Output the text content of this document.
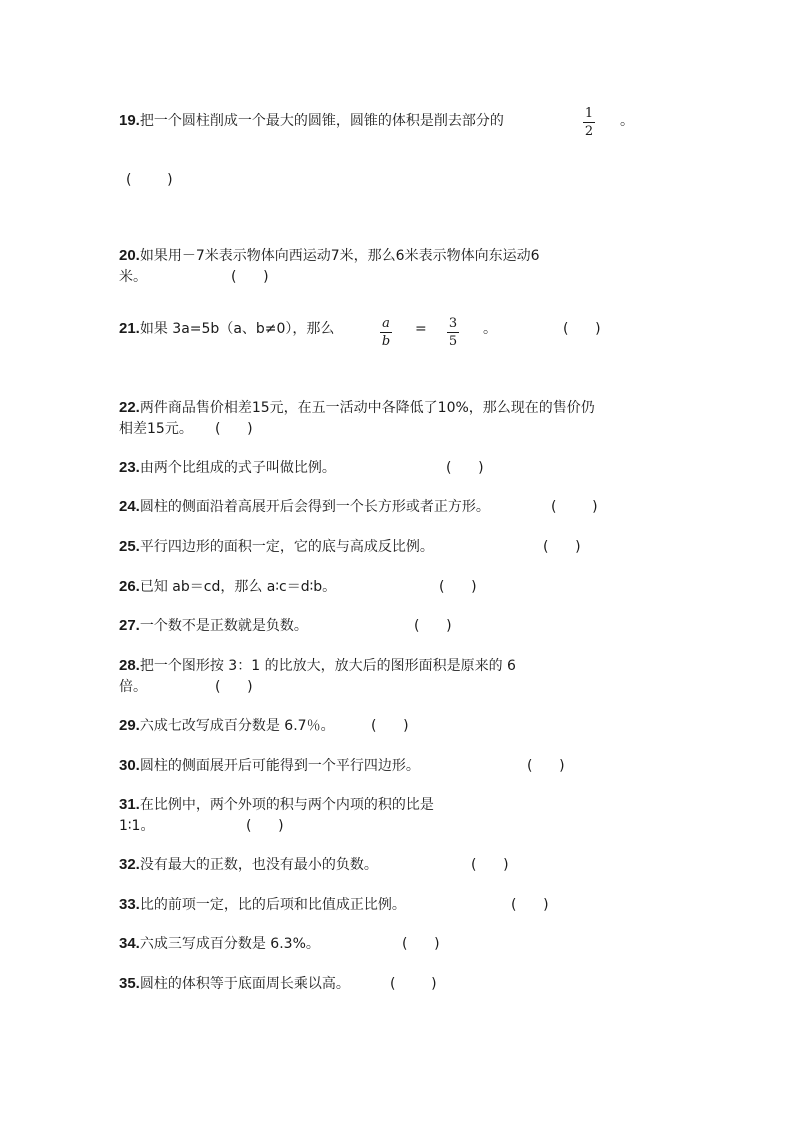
19.把一个圆柱削成一个最大的圆锥，圆锥的体积是削去部分的	1
2
。
(        )
20.如果用－7米表示物体向西运动7米，那么6米表示物体向东运动6
米。	(      )
21.如果 3a=5b（a、b≠0），那么	a
b
= 3
5
。	(      )
22.两件商品售价相差15元，在五一活动中各降低了10%，那么现在的售价仍
相差15元。 (      )
23.由两个比组成的式子叫做比例。	(      )
24.圆柱的侧面沿着高展开后会得到一个长方形或者正方形。	(        )
25.平行四边形的面积一定，它的底与高成反比例。	(      )
26.已知 ab＝cd，那么 a∶c＝d∶b。	(      )
27.一个数不是正数就是负数。	(      )
28.把一个图形按 3：1 的比放大，放大后的图形面积是原来的 6
倍。	(      )
29.六成七改写成百分数是 6.7％。	(      )
30.圆柱的侧面展开后可能得到一个平行四边形。	(      )
31.在比例中，两个外项的积与两个内项的积的比是
1∶1。	(      )
32.没有最大的正数，也没有最小的负数。	(      )
33.比的前项一定，比的后项和比值成正比例。	(      )
34.六成三写成百分数是 6.3%。	(      )
35.圆柱的体积等于底面周长乘以高。	(        )
